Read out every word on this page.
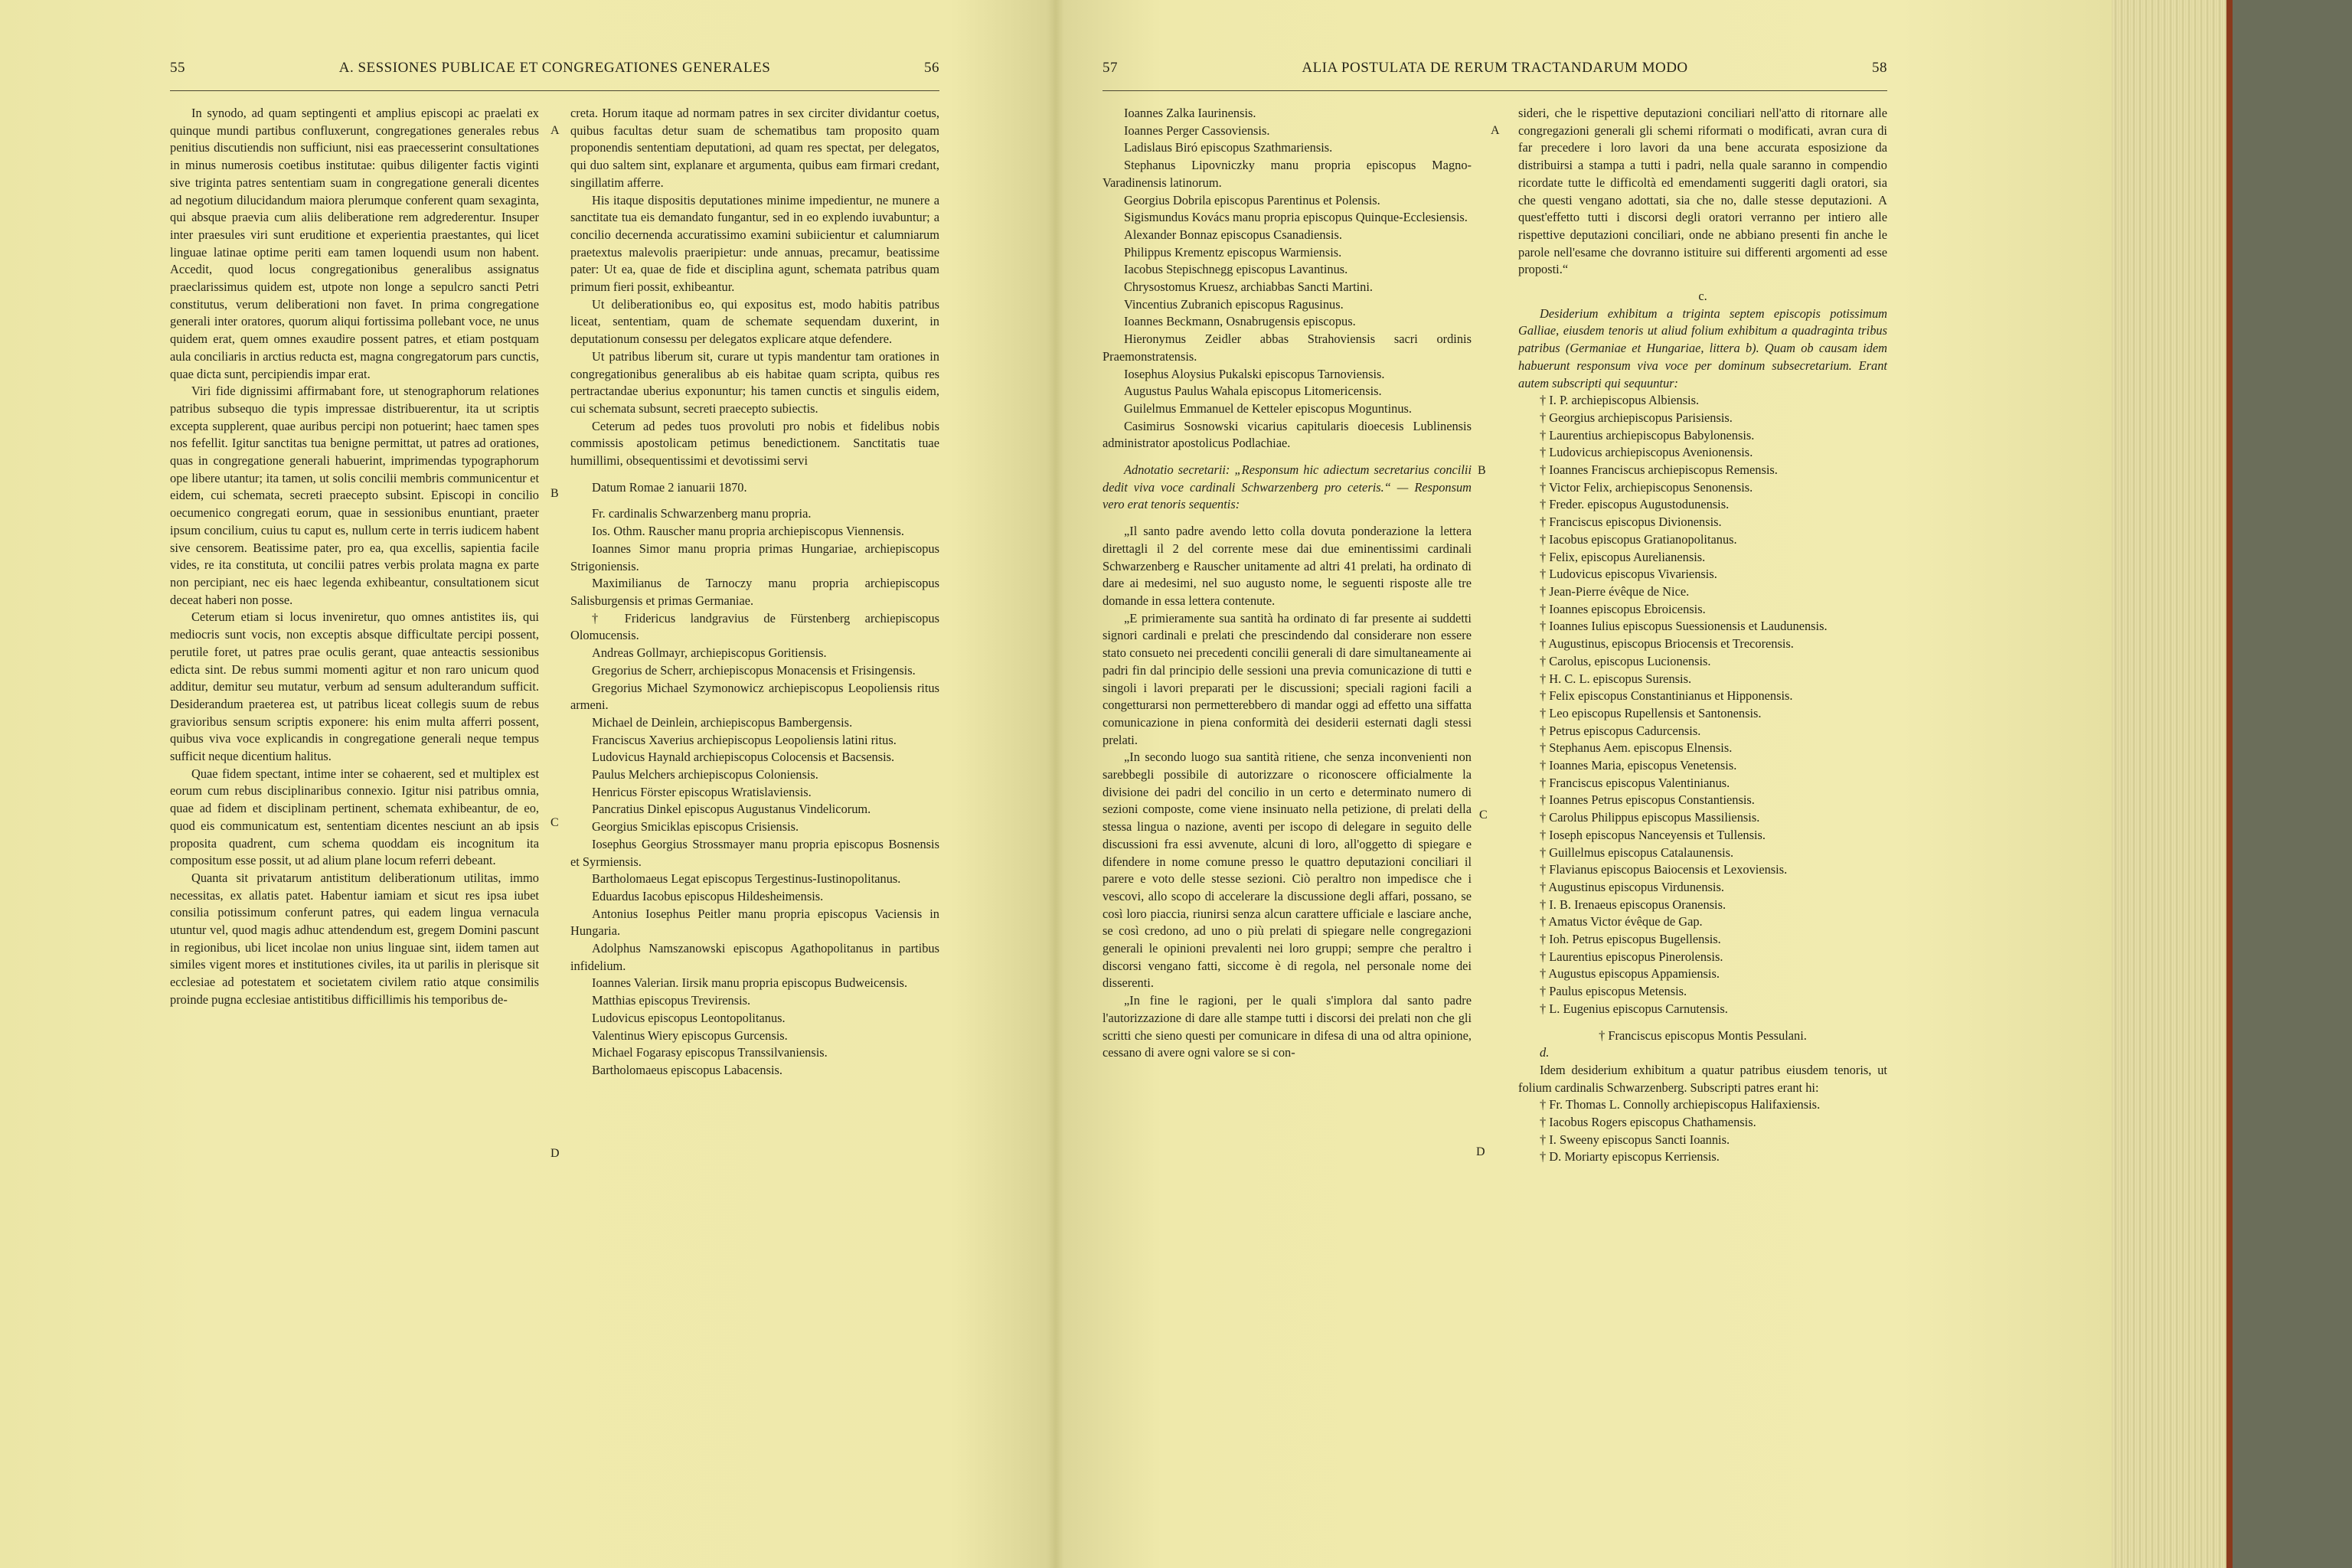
55	A. SESSIONES PUBLICAE ET CONGREGATIONES GENERALES	56

In synodo, ad quam septingenti et amplius episcopi ac praelati ex quinque mundi partibus confluxerunt, congregationes generales rebus penitius discutiendis non sufficiunt, nisi eas praecesserint consultationes in minus numerosis coetibus institutae: quibus diligenter factis viginti sive triginta patres sententiam suam in congregatione generali dicentes ad negotium dilucidandum maiora plerumque conferent quam sexaginta, qui absque praevia cum aliis deliberatione rem adgrederentur. Insuper inter praesules viri sunt eruditione et experientia praestantes, qui licet linguae latinae optime periti eam tamen loquendi usum non habent. Accedit, quod locus congregationibus generalibus assignatus praeclarissimus quidem est, utpote non longe a sepulcro sancti Petri constitutus, verum deliberationi non favet. In prima congregatione generali inter oratores, quorum aliqui fortissima pollebant voce, ne unus quidem erat, quem omnes exaudire possent patres, et etiam postquam aula conciliaris in arctius reducta est, magna congregatorum pars cunctis, quae dicta sunt, percipiendis impar erat.

Viri fide dignissimi affirmabant fore, ut stenographorum relationes patribus subsequo die typis impressae distribuerentur, ita ut scriptis excepta supplerent, quae auribus percipi non potuerint; haec tamen spes nos fefellit. Igitur sanctitas tua benigne permittat, ut patres ad orationes, quas in congregatione generali habuerint, imprimendas typographorum ope libere utantur; ita tamen, ut solis concilii membris communicentur et eidem, cui schemata, secreti praecepto subsint. Episcopi in concilio oecumenico congregati eorum, quae in sessionibus enuntiant, praeter ipsum concilium, cuius tu caput es, nullum certe in terris iudicem habent sive censorem. Beatissime pater, pro ea, qua excellis, sapientia facile vides, re ita constituta, ut concilii patres verbis prolata magna ex parte non percipiant, nec eis haec legenda exhibeantur, consultationem sicut deceat haberi non posse.

Ceterum etiam si locus inveniretur, quo omnes antistites iis, qui mediocris sunt vocis, non exceptis absque difficultate percipi possent, perutile foret, ut patres prae oculis gerant, quae anteactis sessionibus edicta sint. De rebus summi momenti agitur et non raro unicum quod additur, demitur seu mutatur, verbum ad sensum adulterandum sufficit. Desiderandum praeterea est, ut patribus liceat collegis suum de rebus gravioribus sensum scriptis exponere: his enim multa afferri possent, quibus viva voce explicandis in congregatione generali neque tempus sufficit neque dicentium halitus.

Quae fidem spectant, intime inter se cohaerent, sed et multiplex est eorum cum rebus disciplinaribus connexio. Igitur nisi patribus omnia, quae ad fidem et disciplinam pertinent, schemata exhibeantur, de eo, quod eis communicatum est, sententiam dicentes nesciunt an ab ipsis proposita quadrent, cum schema quoddam eis incognitum ita compositum esse possit, ut ad alium plane locum referri debeant.

Quanta sit privatarum antistitum deliberationum utilitas, immo necessitas, ex allatis patet. Habentur iamiam et sicut res ipsa iubet consilia potissimum conferunt patres, qui eadem lingua vernacula utuntur vel, quod magis adhuc attendendum est, gregem Domini pascunt in regionibus, ubi licet incolae non unius linguae sint, iidem tamen aut similes vigent mores et institutiones civiles, ita ut parilis in plerisque sit ecclesiae ad potestatem et societatem civilem ratio atque consimilis proinde pugna ecclesiae antistitibus difficillimis his temporibus de-

creta. Horum itaque ad normam patres in sex circiter dividantur coetus, quibus facultas detur suam de schematibus tam proposito quam proponendis sententiam deputationi, ad quam res spectat, per delegatos, qui duo saltem sint, explanare et argumenta, quibus eam firmari credant, singillatim afferre.

His itaque dispositis deputationes minime impedientur, ne munere a sanctitate tua eis demandato fungantur, sed in eo explendo iuvabuntur; a concilio decernenda accuratissimo examini subiicientur et calumniarum praetextus malevolis praeripietur: unde annuas, precamur, beatissime pater: Ut ea, quae de fide et disciplina agunt, schemata patribus quam primum fieri possit, exhibeantur.

Ut deliberationibus eo, qui expositus est, modo habitis patribus liceat, sententiam, quam de schemate sequendam duxerint, in deputationum consessu per delegatos explicare atque defendere.

Ut patribus liberum sit, curare ut typis mandentur tam orationes in congregationibus generalibus ab eis habitae quam scripta, quibus res pertractandae uberius exponuntur; his tamen cunctis et singulis eidem, cui schemata subsunt, secreti praecepto subiectis.

Ceterum ad pedes tuos provoluti pro nobis et fidelibus nobis commissis apostolicam petimus benedictionem. Sanctitatis tuae humillimi, obsequentissimi et devotissimi servi

Datum Romae 2 ianuarii 1870.

Fr. cardinalis Schwarzenberg manu propria.

Ios. Othm. Rauscher manu propria archiepiscopus Viennensis.

Ioannes Simor manu propria primas Hungariae, archiepiscopus Strigoniensis.

Maximilianus de Tarnoczy manu propria archiepiscopus Salisburgensis et primas Germaniae.

† Fridericus landgravius de Fürstenberg archiepiscopus Olomucensis.

Andreas Gollmayr, archiepiscopus Goritiensis.

Gregorius de Scherr, archiepiscopus Monacensis et Frisingensis.

Gregorius Michael Szymonowicz archiepiscopus Leopoliensis ritus armeni.

Michael de Deinlein, archiepiscopus Bambergensis.

Franciscus Xaverius archiepiscopus Leopoliensis latini ritus.

Ludovicus Haynald archiepiscopus Colocensis et Bacsensis.

Paulus Melchers archiepiscopus Coloniensis.

Henricus Förster episcopus Wratislaviensis.

Pancratius Dinkel episcopus Augustanus Vindelicorum.

Georgius Smiciklas episcopus Crisiensis.

Iosephus Georgius Strossmayer manu propria episcopus Bosnensis et Syrmiensis.

Bartholomaeus Legat episcopus Tergestinus-Iustinopolitanus.

Eduardus Iacobus episcopus Hildesheimensis.

Antonius Iosephus Peitler manu propria episcopus Vaciensis in Hungaria.

Adolphus Namszanowski episcopus Agathopolitanus in partibus infidelium.

Ioannes Valerian. Iirsik manu propria episcopus Budweicensis.

Matthias episcopus Trevirensis.

Ludovicus episcopus Leontopolitanus.

Valentinus Wiery episcopus Gurcensis.

Michael Fogarasy episcopus Transsilvaniensis.

Bartholomaeus episcopus Labacensis.

A
B
C
D
57	ALIA POSTULATA DE RERUM TRACTANDARUM MODO	58

Ioannes Zalka Iaurinensis.

Ioannes Perger Cassoviensis.

Ladislaus Biró episcopus Szathmariensis.

Stephanus Lipovniczky manu propria episcopus Magno-Varadinensis latinorum.

Georgius Dobrila episcopus Parentinus et Polensis.

Sigismundus Kovács manu propria episcopus Quinque-Ecclesiensis.

Alexander Bonnaz episcopus Csanadiensis.

Philippus Krementz episcopus Warmiensis.

Iacobus Stepischnegg episcopus Lavantinus.

Chrysostomus Kruesz, archiabbas Sancti Martini.

Vincentius Zubranich episcopus Ragusinus.

Ioannes Beckmann, Osnabrugensis episcopus.

Hieronymus Zeidler abbas Strahoviensis sacri ordinis Praemonstratensis.

Iosephus Aloysius Pukalski episcopus Tarnoviensis.

Augustus Paulus Wahala episcopus Litomericensis.

Guilelmus Emmanuel de Ketteler episcopus Moguntinus.

Casimirus Sosnowski vicarius capitularis dioecesis Lublinensis administrator apostolicus Podlachiae.

Adnotatio secretarii: „Responsum hic adiectum secretarius concilii dedit viva voce cardinali Schwarzenberg pro ceteris.“ — Responsum vero erat tenoris sequentis:

„Il santo padre avendo letto colla dovuta ponderazione la lettera direttagli il 2 del corrente mese dai due eminentissimi cardinali Schwarzenberg e Rauscher unitamente ad altri 41 prelati, ha ordinato di dare ai medesimi, nel suo augusto nome, le seguenti risposte alle tre domande in essa lettera contenute.

„E primieramente sua santità ha ordinato di far presente ai suddetti signori cardinali e prelati che prescindendo dal considerare non essere stato consueto nei precedenti concilii generali di dare simultaneamente ai padri fin dal principio delle sessioni una previa comunicazione di tutti e singoli i lavori preparati per le discussioni; speciali ragioni facili a congetturarsi non permetterebbero di mandar oggi ad effetto una siffatta comunicazione in piena conformità dei desiderii esternati dagli stessi prelati.

„In secondo luogo sua santità ritiene, che senza inconvenienti non sarebbegli possibile di autorizzare o riconoscere officialmente la divisione dei padri del concilio in un certo e determinato numero di sezioni composte, come viene insinuato nella petizione, di prelati della stessa lingua o nazione, aventi per iscopo di delegare in seguito delle discussioni fra essi avvenute, alcuni di loro, all'oggetto di spiegare e difendere in nome comune presso le quattro deputazioni conciliari il parere e voto delle stesse sezioni. Ciò peraltro non impedisce che i vescovi, allo scopo di accelerare la discussione degli affari, possano, se così loro piaccia, riunirsi senza alcun carattere ufficiale e lasciare anche, se così credono, ad uno o più prelati di spiegare nelle congregazioni generali le opinioni prevalenti nei loro gruppi; sempre che peraltro i discorsi vengano fatti, siccome è di regola, nel personale nome dei disserenti.

„In fine le ragioni, per le quali s'implora dal santo padre l'autorizzazione di dare alle stampe tutti i discorsi dei prelati non che gli scritti che sieno questi per comunicare in difesa di una od altra opinione, cessano di avere ogni valore se si con-

sideri, che le rispettive deputazioni conciliari nell'atto di ritornare alle congregazioni generali gli schemi riformati o modificati, avran cura di far precedere i loro lavori da una bene accurata esposizione da distribuirsi a stampa a tutti i padri, nella quale saranno in compendio ricordate tutte le difficoltà ed emendamenti suggeriti dagli oratori, sia che questi vengano adottati, sia che no, dalle stesse deputazioni. A quest'effetto tutti i discorsi degli oratori verranno per intiero alle rispettive deputazioni conciliari, onde ne abbiano presenti fin anche le parole nell'esame che dovranno istituire sui differenti argomenti ad esse proposti.“

c.

Desiderium exhibitum a triginta septem episcopis potissimum Galliae, eiusdem tenoris ut aliud folium exhibitum a quadraginta tribus patribus (Germaniae et Hungariae, littera b). Quam ob causam idem habuerunt responsum viva voce per dominum subsecretarium. Erant autem subscripti qui sequuntur:

† I. P. archiepiscopus Albiensis.

† Georgius archiepiscopus Parisiensis.

† Laurentius archiepiscopus Babylonensis.

† Ludovicus archiepiscopus Avenionensis.

† Ioannes Franciscus archiepiscopus Remensis.

† Victor Felix, archiepiscopus Senonensis.

† Freder. episcopus Augustodunensis.

† Franciscus episcopus Divionensis.

† Iacobus episcopus Gratianopolitanus.

† Felix, episcopus Aurelianensis.

† Ludovicus episcopus Vivariensis.

† Jean-Pierre évêque de Nice.

† Ioannes episcopus Ebroicensis.

† Ioannes Iulius episcopus Suessionensis et Laudunensis.

† Augustinus, episcopus Briocensis et Trecorensis.

† Carolus, episcopus Lucionensis.

† H. C. L. episcopus Surensis.

† Felix episcopus Constantinianus et Hipponensis.

† Leo episcopus Rupellensis et Santonensis.

† Petrus episcopus Cadurcensis.

† Stephanus Aem. episcopus Elnensis.

† Ioannes Maria, episcopus Venetensis.

† Franciscus episcopus Valentinianus.

† Ioannes Petrus episcopus Constantiensis.

† Carolus Philippus episcopus Massiliensis.

† Ioseph episcopus Nanceyensis et Tullensis.

† Guillelmus episcopus Catalaunensis.

† Flavianus episcopus Baiocensis et Lexoviensis.

† Augustinus episcopus Virdunensis.

† I. B. Irenaeus episcopus Oranensis.

† Amatus Victor évêque de Gap.

† Ioh. Petrus episcopus Bugellensis.

† Laurentius episcopus Pinerolensis.

† Augustus episcopus Appamiensis.

† Paulus episcopus Metensis.

† L. Eugenius episcopus Carnutensis.

† Franciscus episcopus Montis Pessulani.

d.

Idem desiderium exhibitum a quatur patribus eiusdem tenoris, ut folium cardinalis Schwarzenberg. Subscripti patres erant hi:

† Fr. Thomas L. Connolly archiepiscopus Halifaxiensis.

† Iacobus Rogers episcopus Chathamensis.

† I. Sweeny episcopus Sancti Ioannis.

† D. Moriarty episcopus Kerriensis.

A
B
C
D
